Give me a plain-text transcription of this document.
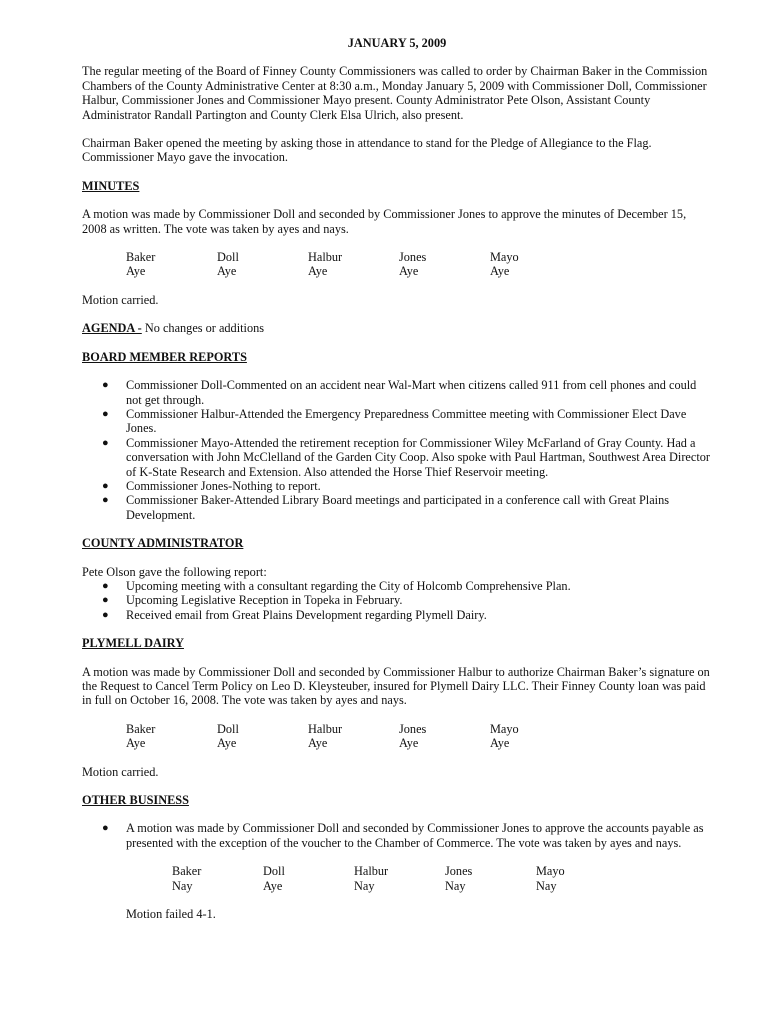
JANUARY 5, 2009

The regular meeting of the Board of Finney County Commissioners was called to order by Chairman Baker in the Commission Chambers of the County Administrative Center at 8:30 a.m., Monday January 5, 2009 with Commissioner Doll, Commissioner Halbur, Commissioner Jones and Commissioner Mayo present. County Administrator Pete Olson, Assistant County Administrator Randall Partington and County Clerk Elsa Ulrich, also present.

Chairman Baker opened the meeting by asking those in attendance to stand for the Pledge of Allegiance to the Flag. Commissioner Mayo gave the invocation.

MINUTES

A motion was made by Commissioner Doll and seconded by Commissioner Jones to approve the minutes of December 15, 2008 as written. The vote was taken by ayes and nays.

Baker	Doll	Halbur	Jones	Mayo
Aye	Aye	Aye	Aye	Aye

Motion carried.

AGENDA - No changes or additions
BOARD MEMBER REPORTS
● Commissioner Doll-Commented on an accident near Wal-Mart when citizens called 911 from cell phones and could not get through.
● Commissioner Halbur-Attended the Emergency Preparedness Committee meeting with Commissioner Elect Dave Jones.
● Commissioner Mayo-Attended the retirement reception for Commissioner Wiley McFarland of Gray County. Had a conversation with John McClelland of the Garden City Coop. Also spoke with Paul Hartman, Southwest Area Director of K-State Research and Extension. Also attended the Horse Thief Reservoir meeting.
● Commissioner Jones-Nothing to report.
● Commissioner Baker-Attended Library Board meetings and participated in a conference call with Great Plains Development.
COUNTY ADMINISTRATOR
Pete Olson gave the following report:
● Upcoming meeting with a consultant regarding the City of Holcomb Comprehensive Plan.
● Upcoming Legislative Reception in Topeka in February.
● Received email from Great Plains Development regarding Plymell Dairy.
PLYMELL DAIRY

A motion was made by Commissioner Doll and seconded by Commissioner Halbur to authorize Chairman Baker’s signature on the Request to Cancel Term Policy on Leo D. Kleysteuber, insured for Plymell Dairy LLC. Their Finney County loan was paid in full on October 16, 2008. The vote was taken by ayes and nays.

Baker	Doll	Halbur	Jones	Mayo
Aye	Aye	Aye	Aye	Aye

Motion carried.

OTHER BUSINESS
● A motion was made by Commissioner Doll and seconded by Commissioner Jones to approve the accounts payable as presented with the exception of the voucher to the Chamber of Commerce. The vote was taken by ayes and nays.
Baker	Doll	Halbur	Jones	Mayo
Nay	Aye	Nay	Nay	Nay
Motion failed 4-1.
